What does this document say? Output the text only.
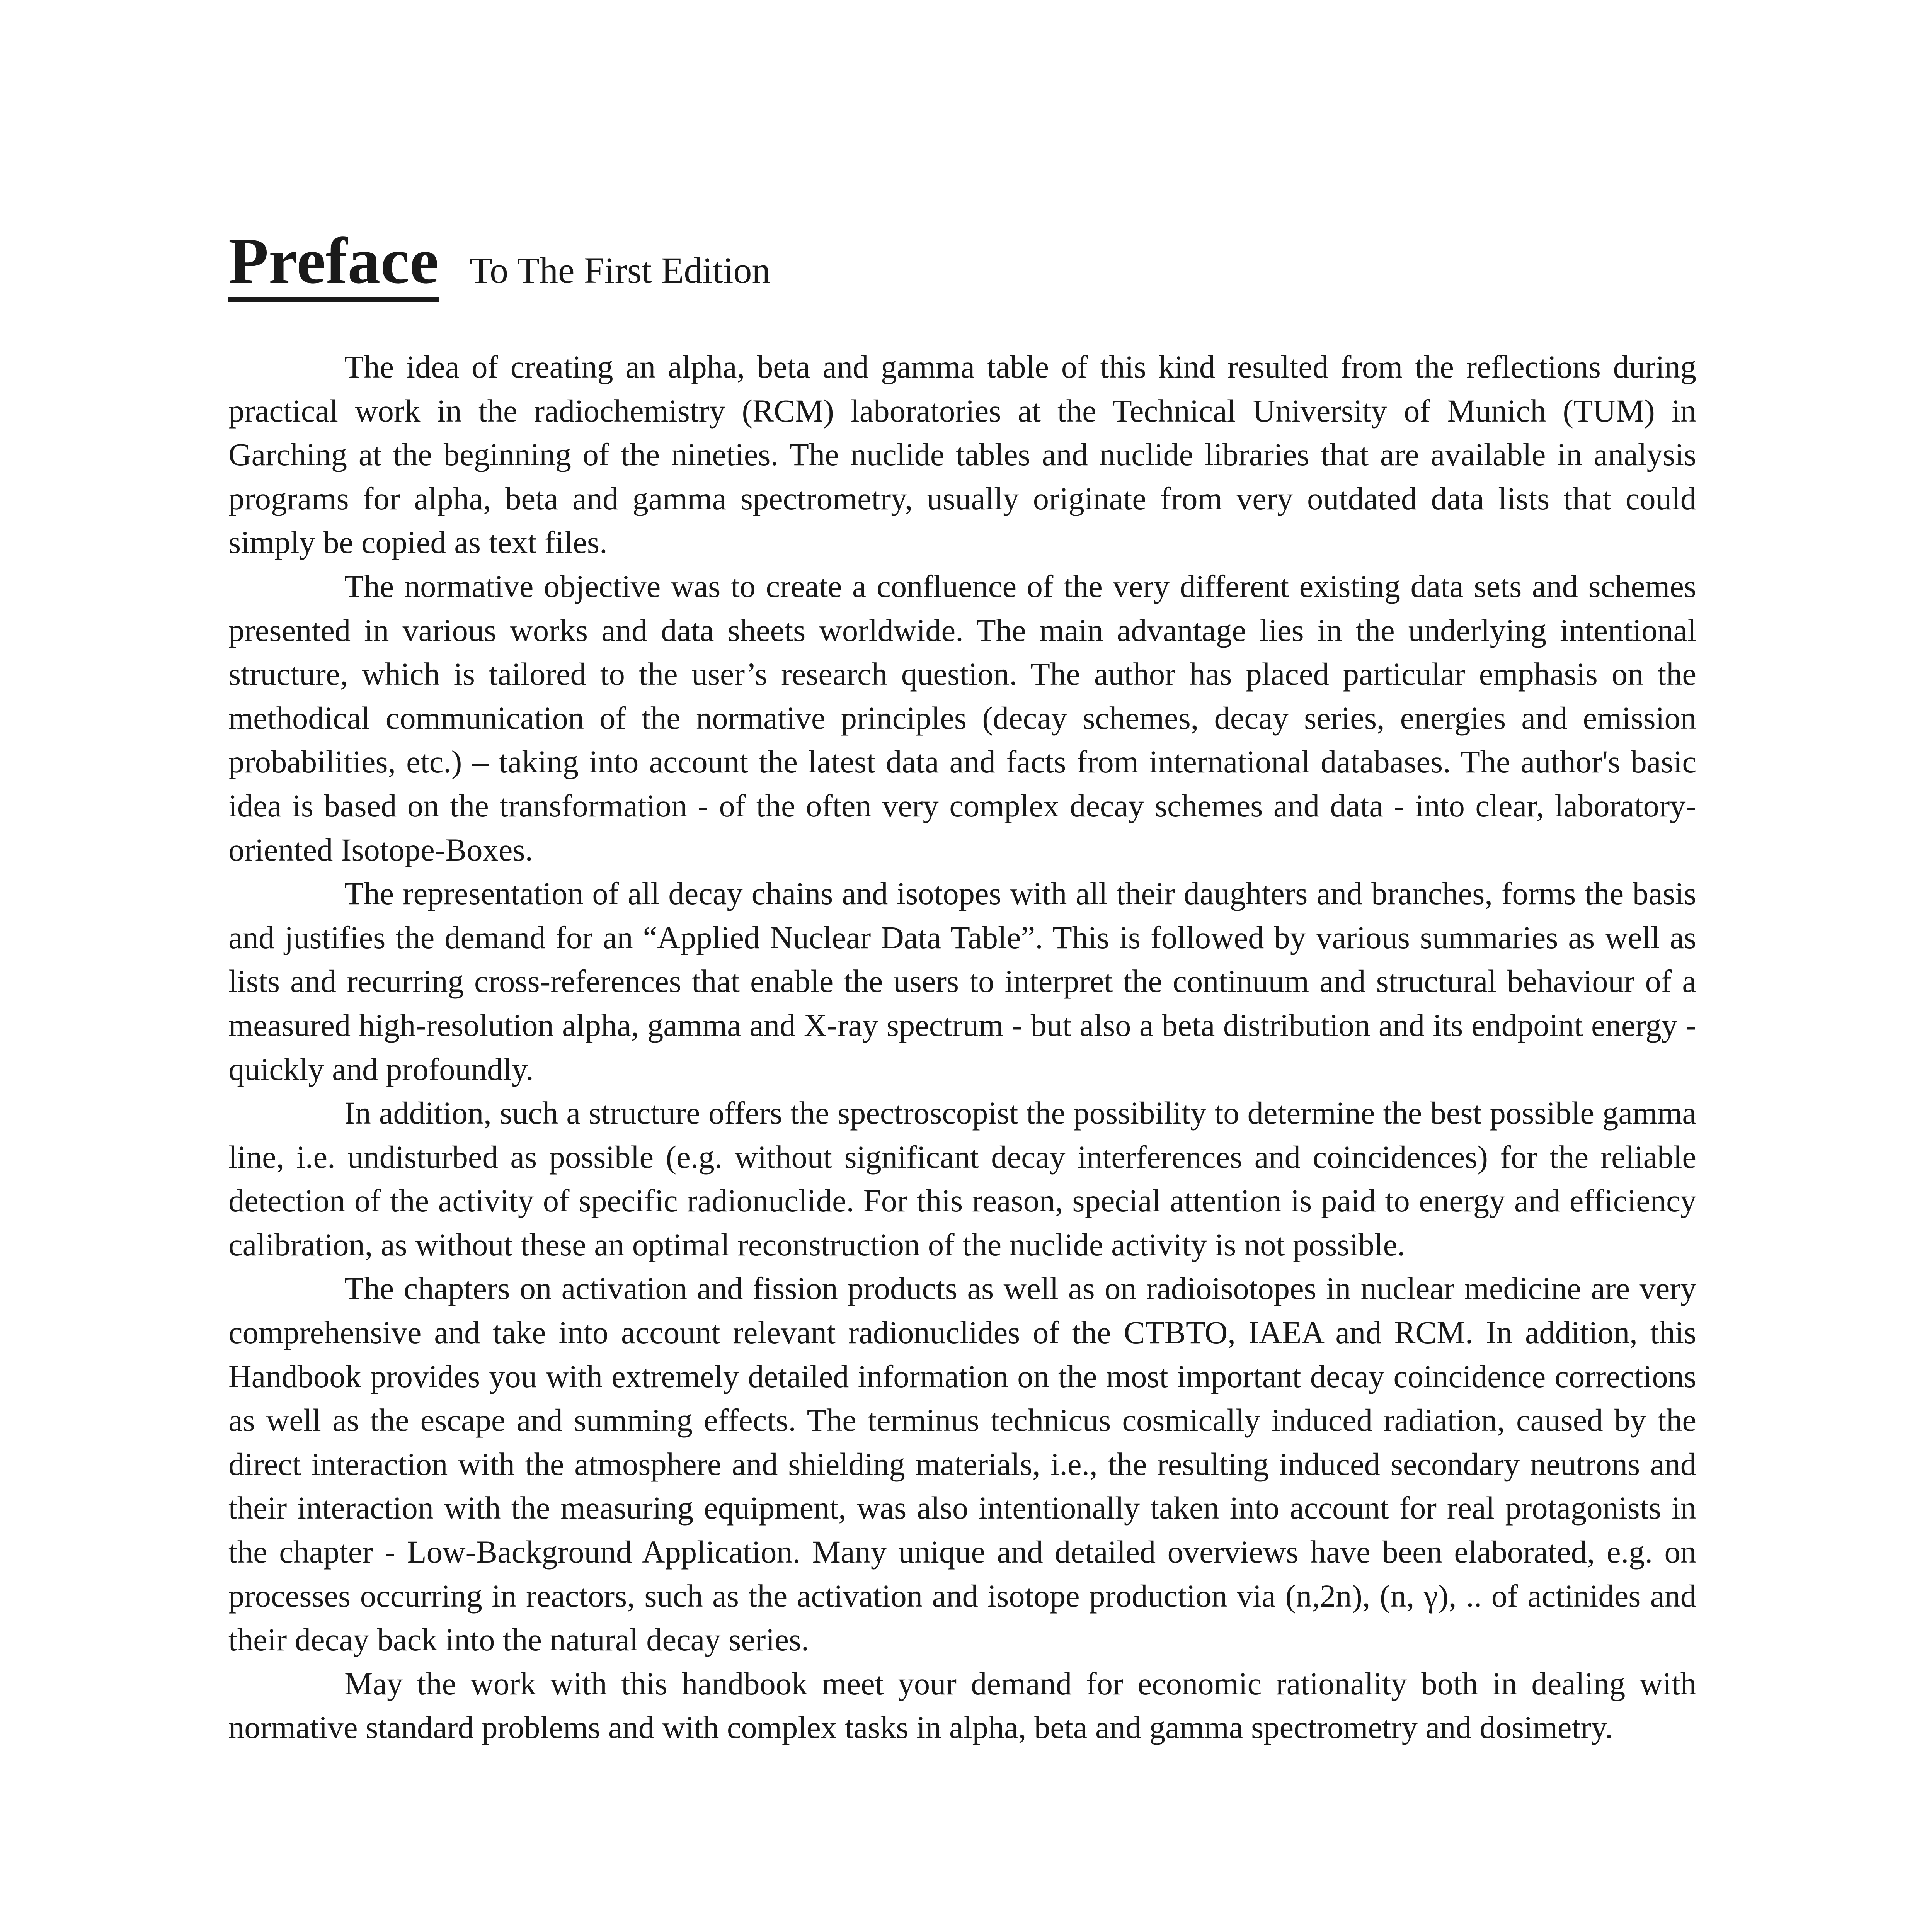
Preface To The First Edition

The idea of creating an alpha, beta and gamma table of this kind resulted from the reflections during practical work in the radiochemistry (RCM) laboratories at the Technical University of Munich (TUM) in Garching at the beginning of the nineties. The nuclide tables and nuclide libraries that are available in analysis programs for alpha, beta and gamma spectrometry, usually originate from very outdated data lists that could simply be copied as text files.

The normative objective was to create a confluence of the very different existing data sets and schemes presented in various works and data sheets worldwide. The main advantage lies in the underlying intentional structure, which is tailored to the user’s research question. The author has placed particular emphasis on the methodical communication of the normative principles (decay schemes, decay series, energies and emission probabilities, etc.) – taking into account the latest data and facts from international databases. The author's basic idea is based on the transformation - of the often very complex decay schemes and data - into clear, laboratory-oriented Isotope-Boxes.

The representation of all decay chains and isotopes with all their daughters and branches, forms the basis and justifies the demand for an “Applied Nuclear Data Table”. This is followed by various summaries as well as lists and recurring cross-references that enable the users to interpret the continuum and structural behaviour of a measured high-resolution alpha, gamma and X-ray spectrum - but also a beta distribution and its endpoint energy - quickly and profoundly.

In addition, such a structure offers the spectroscopist the possibility to determine the best possible gamma line, i.e. undisturbed as possible (e.g. without significant decay interferences and coincidences) for the reliable detection of the activity of specific radionuclide. For this reason, special attention is paid to energy and efficiency calibration, as without these an optimal reconstruction of the nuclide activity is not possible.

The chapters on activation and fission products as well as on radioisotopes in nuclear medicine are very comprehensive and take into account relevant radionuclides of the CTBTO, IAEA and RCM. In addition, this Handbook provides you with extremely detailed information on the most important decay coincidence corrections as well as the escape and summing effects. The terminus technicus cosmically induced radiation, caused by the direct interaction with the atmosphere and shielding materials, i.e., the resulting induced secondary neutrons and their interaction with the measuring equipment, was also intentionally taken into account for real protagonists in the chapter - Low-Background Application. Many unique and detailed overviews have been elaborated, e.g. on processes occurring in reactors, such as the activation and isotope production via (n,2n), (n, γ), .. of actinides and their decay back into the natural decay series.

May the work with this handbook meet your demand for economic rationality both in dealing with normative standard problems and with complex tasks in alpha, beta and gamma spectrometry and dosimetry.
